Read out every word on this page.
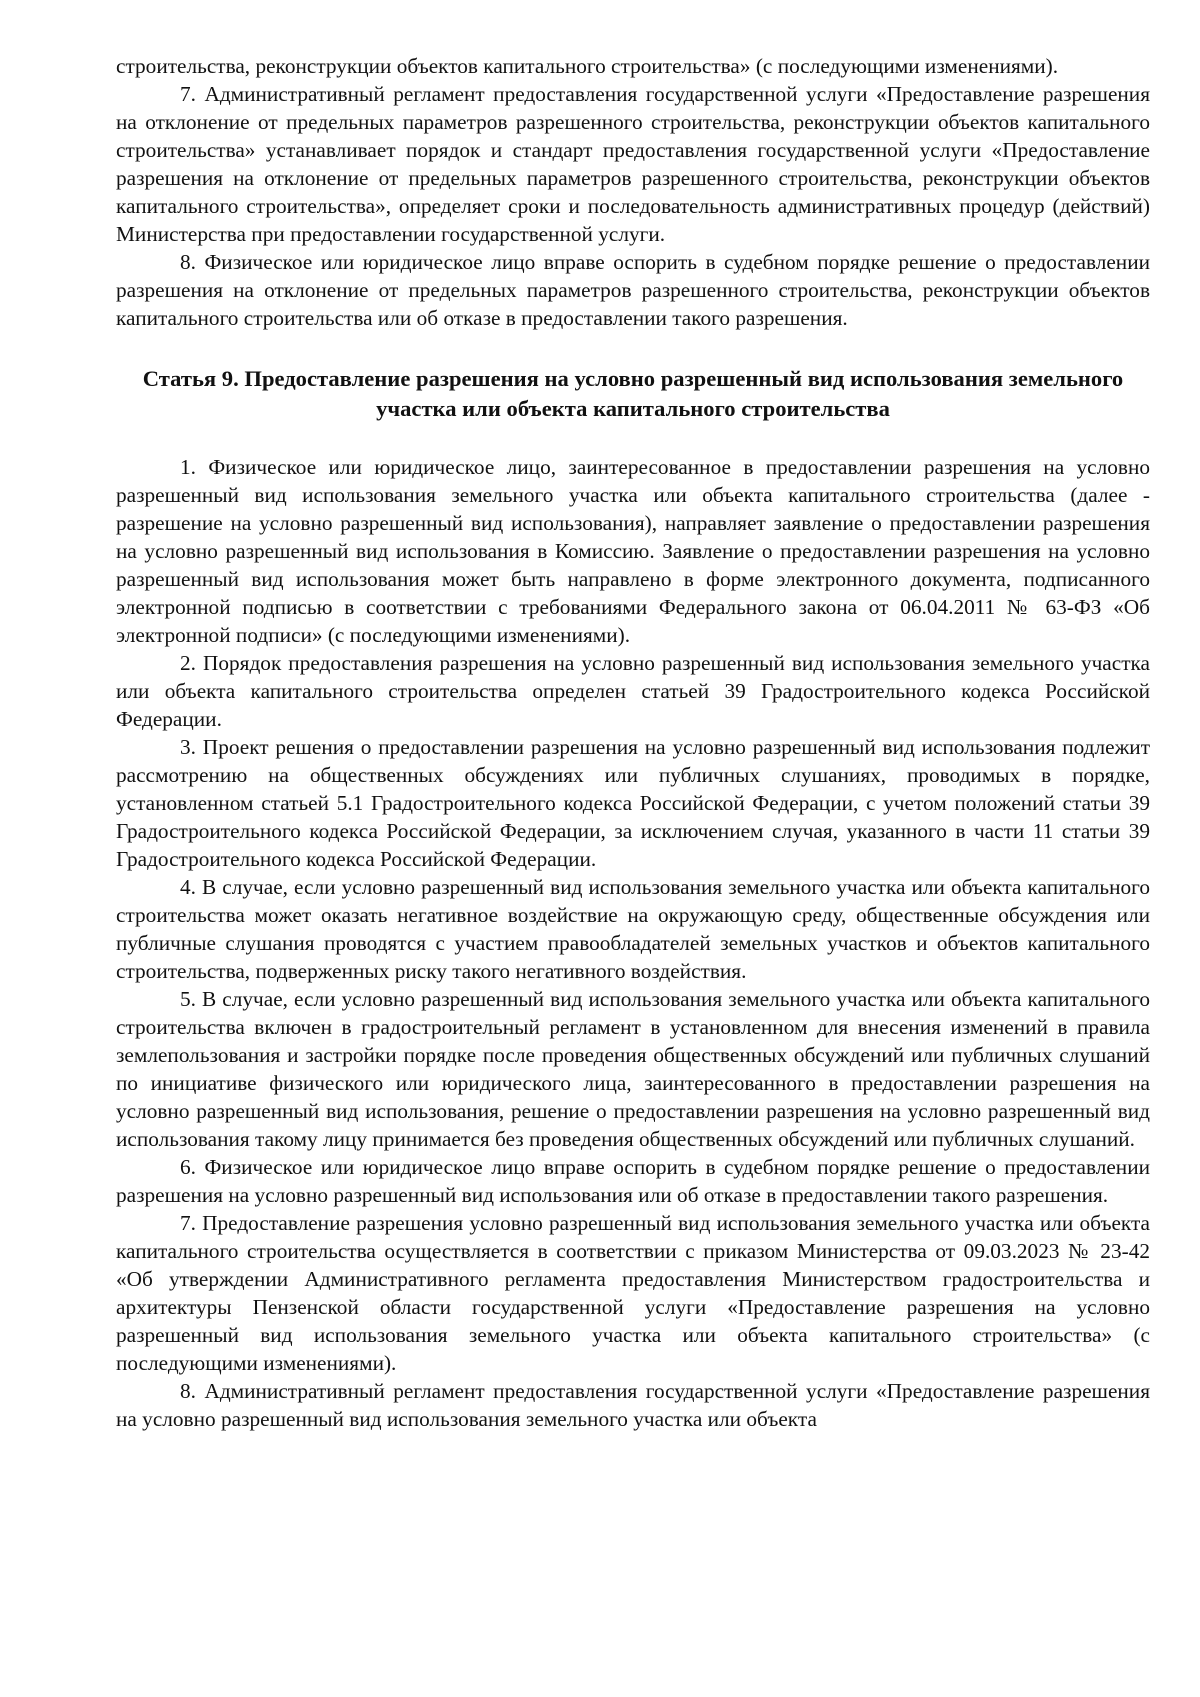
строительства, реконструкции объектов капитального строительства» (с последующими изменениями).

7. Административный регламент предоставления государственной услуги «Предоставление разрешения на отклонение от предельных параметров разрешенного строительства, реконструкции объектов капитального строительства» устанавливает порядок и стандарт предоставления государственной услуги «Предоставление разрешения на отклонение от предельных параметров разрешенного строительства, реконструкции объектов капитального строительства», определяет сроки и последовательность административных процедур (действий) Министерства при предоставлении государственной услуги.

8. Физическое или юридическое лицо вправе оспорить в судебном порядке решение о предоставлении разрешения на отклонение от предельных параметров разрешенного строительства, реконструкции объектов капитального строительства или об отказе в предоставлении такого разрешения.

Статья 9. Предоставление разрешения на условно разрешенный вид использования земельного участка или объекта капитального строительства

1. Физическое или юридическое лицо, заинтересованное в предоставлении разрешения на условно разрешенный вид использования земельного участка или объекта капитального строительства (далее - разрешение на условно разрешенный вид использования), направляет заявление о предоставлении разрешения на условно разрешенный вид использования в Комиссию. Заявление о предоставлении разрешения на условно разрешенный вид использования может быть направлено в форме электронного документа, подписанного электронной подписью в соответствии с требованиями Федерального закона от 06.04.2011 № 63-ФЗ «Об электронной подписи» (с последующими изменениями).

2. Порядок предоставления разрешения на условно разрешенный вид использования земельного участка или объекта капитального строительства определен статьей 39 Градостроительного кодекса Российской Федерации.

3. Проект решения о предоставлении разрешения на условно разрешенный вид использования подлежит рассмотрению на общественных обсуждениях или публичных слушаниях, проводимых в порядке, установленном статьей 5.1 Градостроительного кодекса Российской Федерации, с учетом положений статьи 39 Градостроительного кодекса Российской Федерации, за исключением случая, указанного в части 11 статьи 39 Градостроительного кодекса Российской Федерации.

4. В случае, если условно разрешенный вид использования земельного участка или объекта капитального строительства может оказать негативное воздействие на окружающую среду, общественные обсуждения или публичные слушания проводятся с участием правообладателей земельных участков и объектов капитального строительства, подверженных риску такого негативного воздействия.

5. В случае, если условно разрешенный вид использования земельного участка или объекта капитального строительства включен в градостроительный регламент в установленном для внесения изменений в правила землепользования и застройки порядке после проведения общественных обсуждений или публичных слушаний по инициативе физического или юридического лица, заинтересованного в предоставлении разрешения на условно разрешенный вид использования, решение о предоставлении разрешения на условно разрешенный вид использования такому лицу принимается без проведения общественных обсуждений или публичных слушаний.

6. Физическое или юридическое лицо вправе оспорить в судебном порядке решение о предоставлении разрешения на условно разрешенный вид использования или об отказе в предоставлении такого разрешения.

7. Предоставление разрешения условно разрешенный вид использования земельного участка или объекта капитального строительства осуществляется в соответствии с приказом Министерства от 09.03.2023 № 23-42 «Об утверждении Административного регламента предоставления Министерством градостроительства и архитектуры Пензенской области государственной услуги «Предоставление разрешения на условно разрешенный вид использования земельного участка или объекта капитального строительства» (с последующими изменениями).

8. Административный регламент предоставления государственной услуги «Предоставление разрешения на условно разрешенный вид использования земельного участка или объекта
